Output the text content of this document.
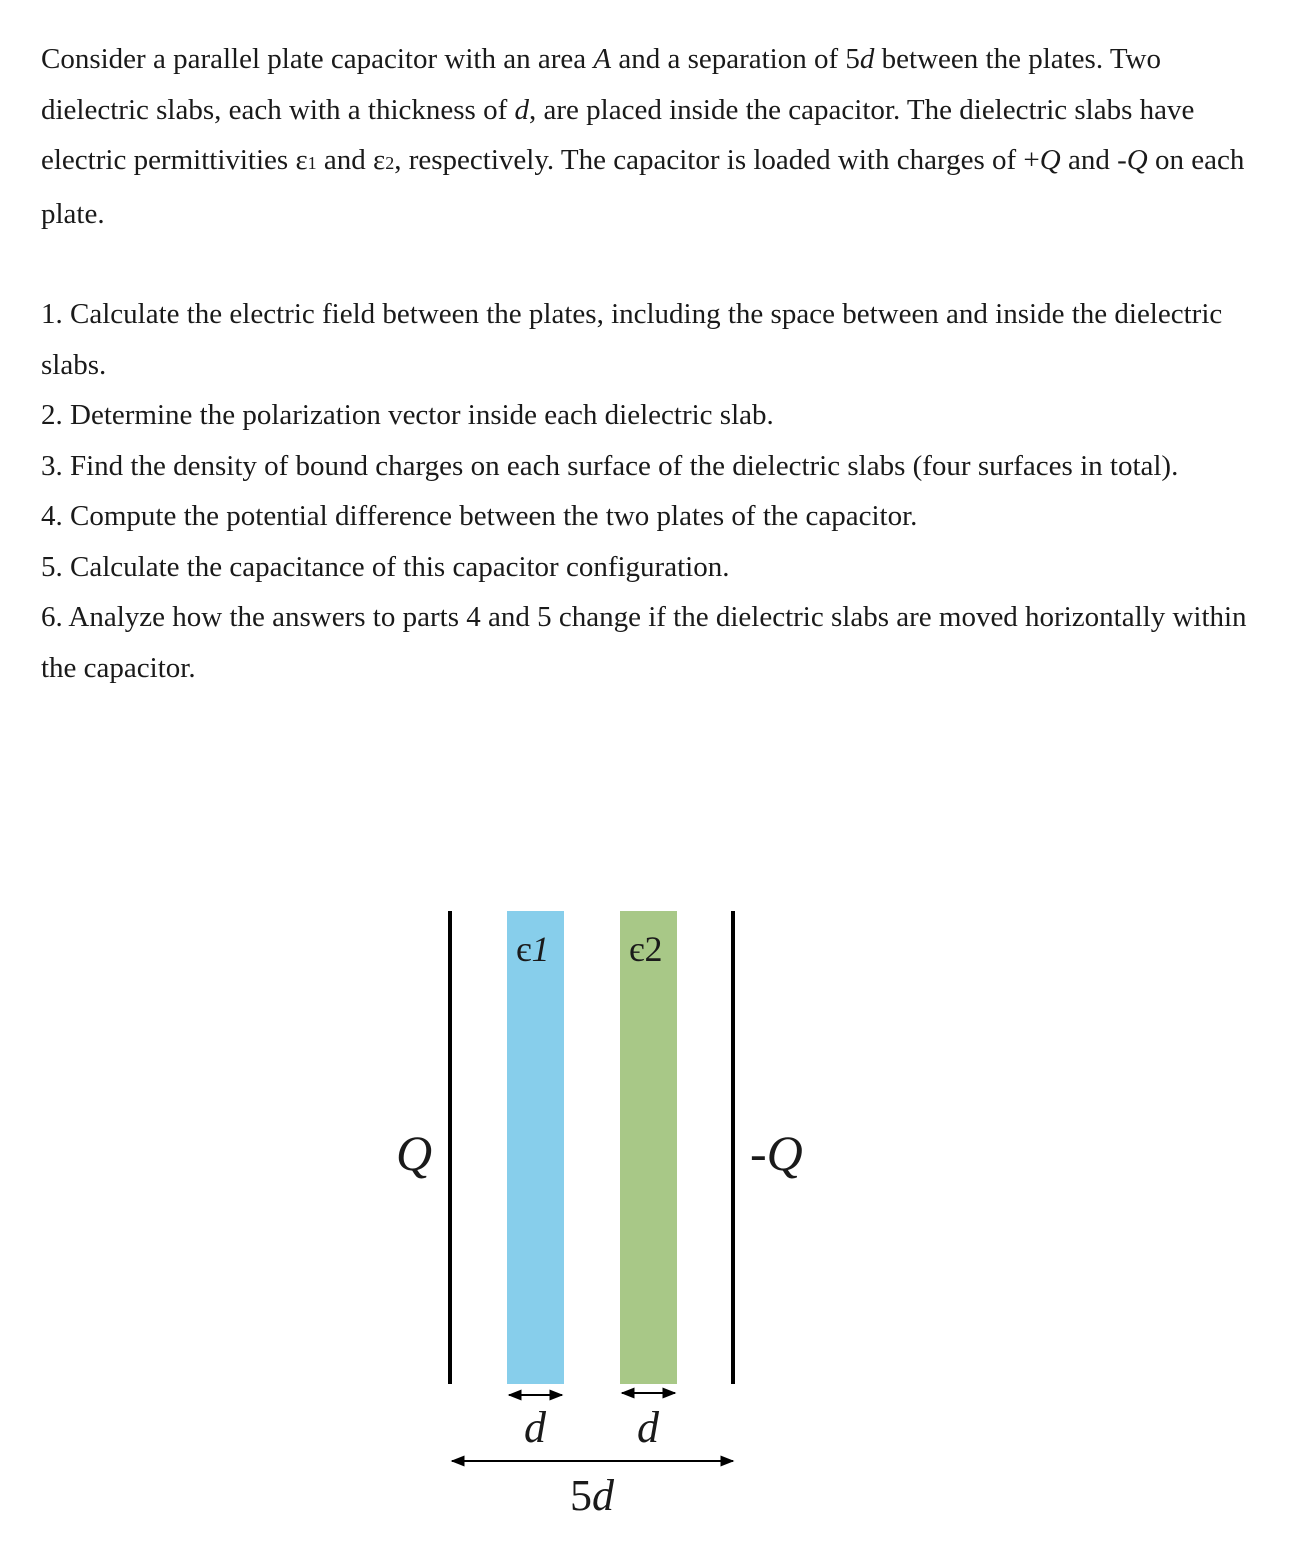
Consider a parallel plate capacitor with an area A and a separation of 5d between the plates. Two dielectric slabs, each with a thickness of d, are placed inside the capacitor. The dielectric slabs have electric permittivities ε1 and ε2, respectively. The capacitor is loaded with charges of +Q and -Q on each plate.

1. Calculate the electric field between the plates, including the space between and inside the dielectric slabs.

2. Determine the polarization vector inside each dielectric slab.

3. Find the density of bound charges on each surface of the dielectric slabs (four surfaces in total).

4. Compute the potential difference between the two plates of the capacitor.

5. Calculate the capacitance of this capacitor configuration.

6. Analyze how the answers to parts 4 and 5 change if the dielectric slabs are moved horizontally within the capacitor.

є1 є2
Q	-Q
d d
5d
